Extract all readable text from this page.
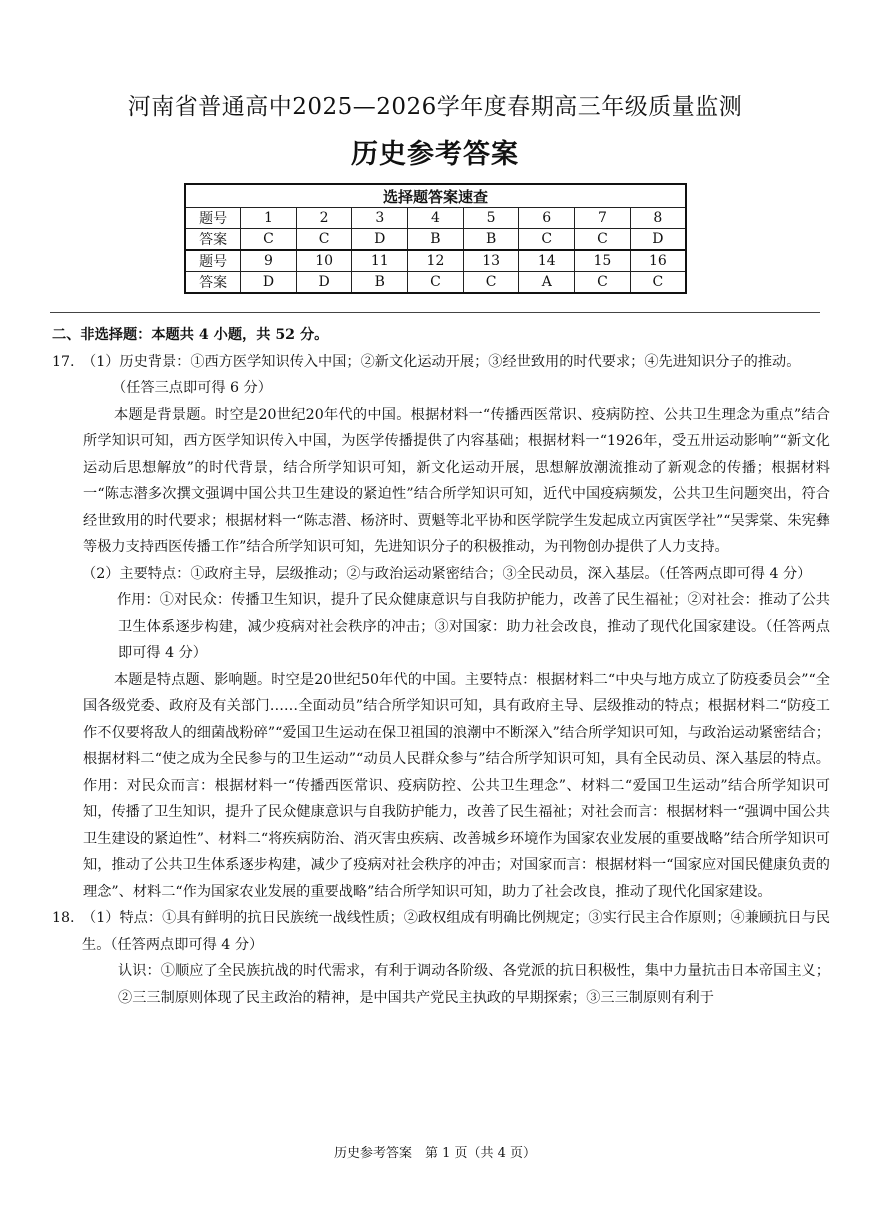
河南省普通高中2025—2026学年度春期高三年级质量监测
历史参考答案
选择题答案速查								
题号	1	2	3	4	5	6	7	8
答案	C	C	D	B	B	C	C	D
题号	9	10	11	12	13	14	15	16
答案	D	D	B	C	C	A	C	C

二、非选择题：本题共 4 小题，共 52 分。

17. （1）历史背景：①西方医学知识传入中国；②新文化运动开展；③经世致用的时代要求；④先进知识分子的推动。

（任答三点即可得 6 分）

本题是背景题。时空是20世纪20年代的中国。根据材料一“传播西医常识、疫病防控、公共卫生理念为重点”结合所学知识可知，西方医学知识传入中国，为医学传播提供了内容基础；根据材料一“1926年，受五卅运动影响”“新文化运动后思想解放”的时代背景，结合所学知识可知，新文化运动开展，思想解放潮流推动了新观念的传播；根据材料一“陈志潜多次撰文强调中国公共卫生建设的紧迫性”结合所学知识可知，近代中国疫病频发，公共卫生问题突出，符合经世致用的时代要求；根据材料一“陈志潜、杨济时、贾魁等北平协和医学院学生发起成立丙寅医学社”“吴霁棠、朱宪彝等极力支持西医传播工作”结合所学知识可知，先进知识分子的积极推动，为刊物创办提供了人力支持。

（2）主要特点：①政府主导，层级推动；②与政治运动紧密结合；③全民动员，深入基层。（任答两点即可得 4 分）

作用：①对民众：传播卫生知识，提升了民众健康意识与自我防护能力，改善了民生福祉；②对社会：推动了公共卫生体系逐步构建，减少疫病对社会秩序的冲击；③对国家：助力社会改良，推动了现代化国家建设。（任答两点即可得 4 分）

本题是特点题、影响题。时空是20世纪50年代的中国。主要特点：根据材料二“中央与地方成立了防疫委员会”“全国各级党委、政府及有关部门……全面动员”结合所学知识可知，具有政府主导、层级推动的特点；根据材料二“防疫工作不仅要将敌人的细菌战粉碎”“爱国卫生运动在保卫祖国的浪潮中不断深入”结合所学知识可知，与政治运动紧密结合；根据材料二“使之成为全民参与的卫生运动”“动员人民群众参与”结合所学知识可知，具有全民动员、深入基层的特点。作用：对民众而言：根据材料一“传播西医常识、疫病防控、公共卫生理念”、材料二“爱国卫生运动”结合所学知识可知，传播了卫生知识，提升了民众健康意识与自我防护能力，改善了民生福祉；对社会而言：根据材料一“强调中国公共卫生建设的紧迫性”、材料二“将疾病防治、消灭害虫疾病、改善城乡环境作为国家农业发展的重要战略”结合所学知识可知，推动了公共卫生体系逐步构建，减少了疫病对社会秩序的冲击；对国家而言：根据材料一“国家应对国民健康负责的理念”、材料二“作为国家农业发展的重要战略”结合所学知识可知，助力了社会改良，推动了现代化国家建设。

18. （1）特点：①具有鲜明的抗日民族统一战线性质；②政权组成有明确比例规定；③实行民主合作原则；④兼顾抗日与民生。（任答两点即可得 4 分）

认识：①顺应了全民族抗战的时代需求，有利于调动各阶级、各党派的抗日积极性，集中力量抗击日本帝国主义；②三三制原则体现了民主政治的精神，是中国共产党民主执政的早期探索；③三三制原则有利于

历史参考答案　第 1 页（共 4 页）
